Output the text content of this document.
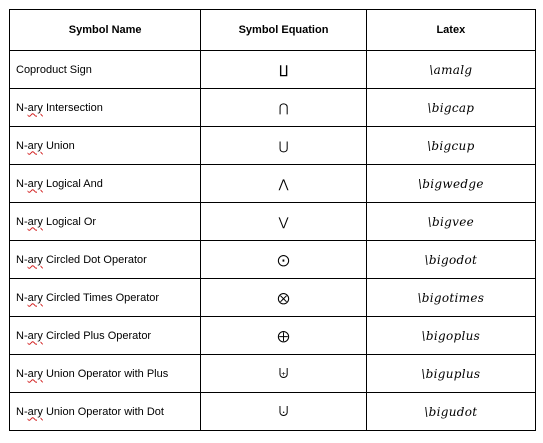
Symbol Name	Symbol Equation	Latex
Coproduct Sign	∐	\amalg
N-ary Intersection	⋂	\bigcap
N-ary Union	⋃	\bigcup
N-ary Logical And	⋀	\bigwedge
N-ary Logical Or	⋁	\bigvee
N-ary Circled Dot Operator	⨀	\bigodot
N-ary Circled Times Operator	⨂	\bigotimes
N-ary Circled Plus Operator	⨁	\bigoplus
N-ary Union Operator with Plus	⨄	\biguplus
N-ary Union Operator with Dot	⨃	\bigudot
